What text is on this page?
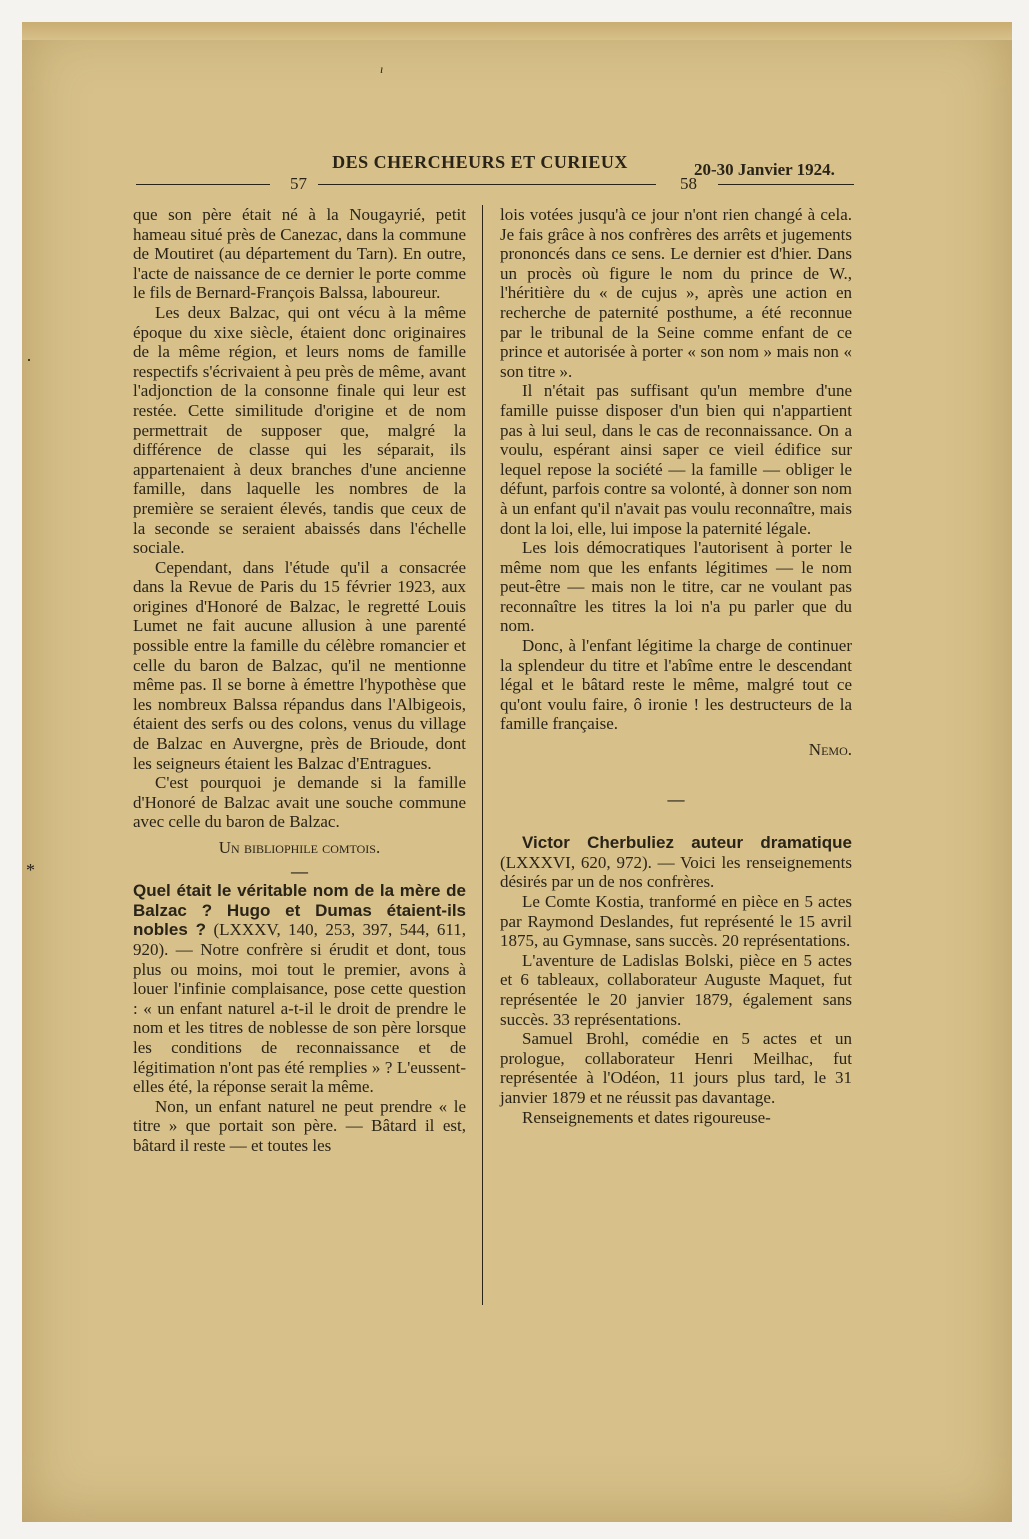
ı
DES CHERCHEURS ET CURIEUX	20-30 Janvier 1924.
57	58
·
*

que son père était né à la Nougayrié, petit hameau situé près de Canezac, dans la commune de Moutiret (au département du Tarn). En outre, l'acte de naissance de ce dernier le porte comme le fils de Bernard-François Balssa, laboureur.

Les deux Balzac, qui ont vécu à la même époque du xixe siècle, étaient donc originaires de la même région, et leurs noms de famille respectifs s'écrivaient à peu près de même, avant l'adjonction de la consonne finale qui leur est restée. Cette similitude d'origine et de nom permettrait de supposer que, malgré la différence de classe qui les séparait, ils appartenaient à deux branches d'une ancienne famille, dans laquelle les nombres de la première se seraient élevés, tandis que ceux de la seconde se seraient abaissés dans l'échelle sociale.

Cependant, dans l'étude qu'il a consacrée dans la Revue de Paris du 15 février 1923, aux origines d'Honoré de Balzac, le regretté Louis Lumet ne fait aucune allusion à une parenté possible entre la famille du célèbre romancier et celle du baron de Balzac, qu'il ne mentionne même pas. Il se borne à émettre l'hypothèse que les nombreux Balssa répandus dans l'Albigeois, étaient des serfs ou des colons, venus du village de Balzac en Auvergne, près de Brioude, dont les seigneurs étaient les Balzac d'Entragues.

C'est pourquoi je demande si la famille d'Honoré de Balzac avait une souche commune avec celle du baron de Balzac.

Un bibliophile comtois.

—

Quel était le véritable nom de la mère de Balzac ? Hugo et Dumas étaient-ils nobles ? (LXXXV, 140, 253, 397, 544, 611, 920). — Notre confrère si érudit et dont, tous plus ou moins, moi tout le premier, avons à louer l'infinie complaisance, pose cette question : « un enfant naturel a-t-il le droit de prendre le nom et les titres de noblesse de son père lorsque les conditions de reconnaissance et de légitimation n'ont pas été remplies » ? L'eussent-elles été, la réponse serait la même.

Non, un enfant naturel ne peut prendre « le titre » que portait son père. — Bâtard il est, bâtard il reste — et toutes les

lois votées jusqu'à ce jour n'ont rien changé à cela. Je fais grâce à nos confrères des arrêts et jugements prononcés dans ce sens. Le dernier est d'hier. Dans un procès où figure le nom du prince de W., l'héritière du « de cujus », après une action en recherche de paternité posthume, a été reconnue par le tribunal de la Seine comme enfant de ce prince et autorisée à porter « son nom » mais non « son titre ».

Il n'était pas suffisant qu'un membre d'une famille puisse disposer d'un bien qui n'appartient pas à lui seul, dans le cas de reconnaissance. On a voulu, espérant ainsi saper ce vieil édifice sur lequel repose la société — la famille — obliger le défunt, parfois contre sa volonté, à donner son nom à un enfant qu'il n'avait pas voulu reconnaître, mais dont la loi, elle, lui impose la paternité légale.

Les lois démocratiques l'autorisent à porter le même nom que les enfants légitimes — le nom peut-être — mais non le titre, car ne voulant pas reconnaître les titres la loi n'a pu parler que du nom.

Donc, à l'enfant légitime la charge de continuer la splendeur du titre et l'abîme entre le descendant légal et le bâtard reste le même, malgré tout ce qu'ont voulu faire, ô ironie ! les destructeurs de la famille française.

Nemo.

—

Victor Cherbuliez auteur dramatique (LXXXVI, 620, 972). — Voici les renseignements désirés par un de nos confrères.

Le Comte Kostia, tranformé en pièce en 5 actes par Raymond Deslandes, fut représenté le 15 avril 1875, au Gymnase, sans succès. 20 représentations.

L'aventure de Ladislas Bolski, pièce en 5 actes et 6 tableaux, collaborateur Auguste Maquet, fut représentée le 20 janvier 1879, également sans succès. 33 représentations.

Samuel Brohl, comédie en 5 actes et un prologue, collaborateur Henri Meilhac, fut représentée à l'Odéon, 11 jours plus tard, le 31 janvier 1879 et ne réussit pas davantage.

Renseignements et dates rigoureuse-
